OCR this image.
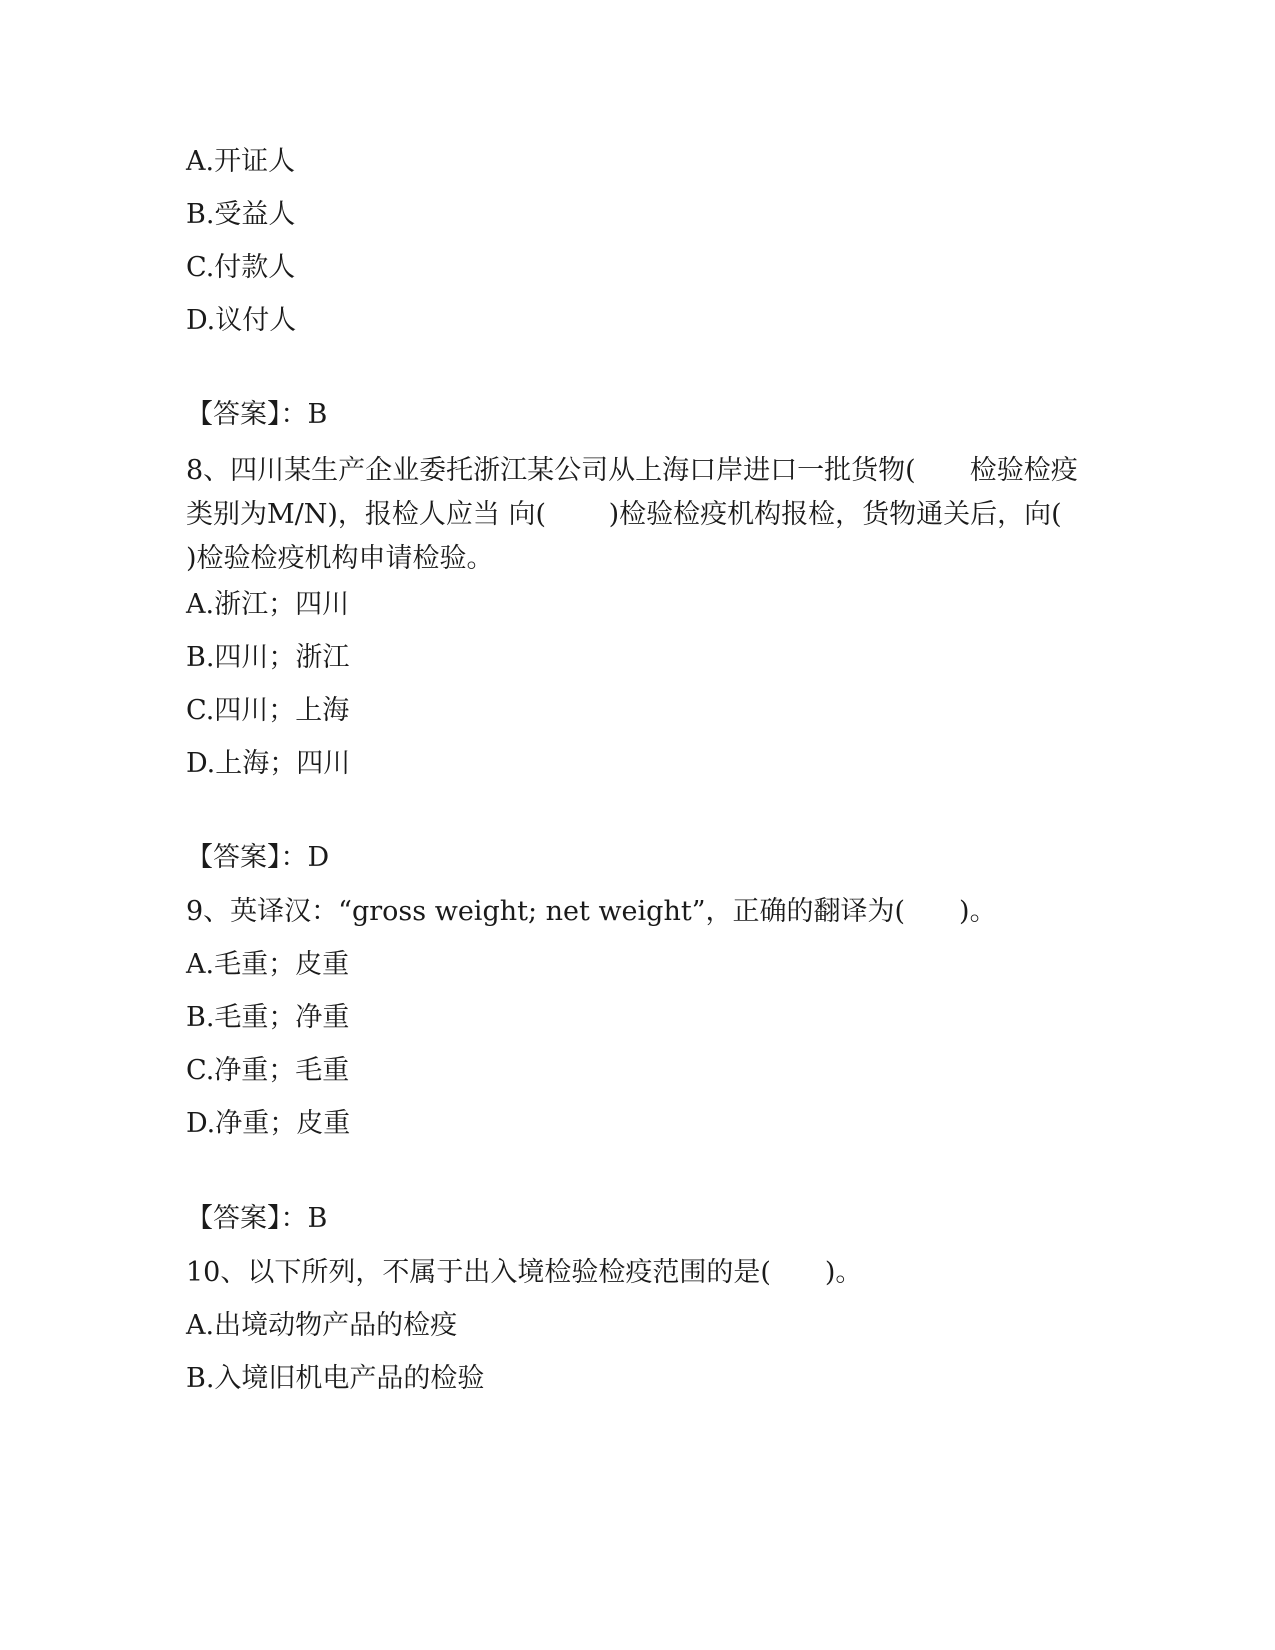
A.开证人
B.受益人
C.付款人
D.议付人
【答案】：B
8、四川某生产企业委托浙江某公司从上海口岸进口一批货物(　　检验检疫类别为M/N)，报检人应当 向(　　 )检验检疫机构报检，货物通关后，向(　　 )检验检疫机构申请检验。
A.浙江；四川
B.四川；浙江
C.四川；上海
D.上海；四川
【答案】：D
9、英译汉：“gross weight; net weight”，正确的翻译为(　　)。
A.毛重；皮重
B.毛重；净重
C.净重；毛重
D.净重；皮重
【答案】：B
10、以下所列，不属于出入境检验检疫范围的是(　　)。
A.出境动物产品的检疫
B.入境旧机电产品的检验
